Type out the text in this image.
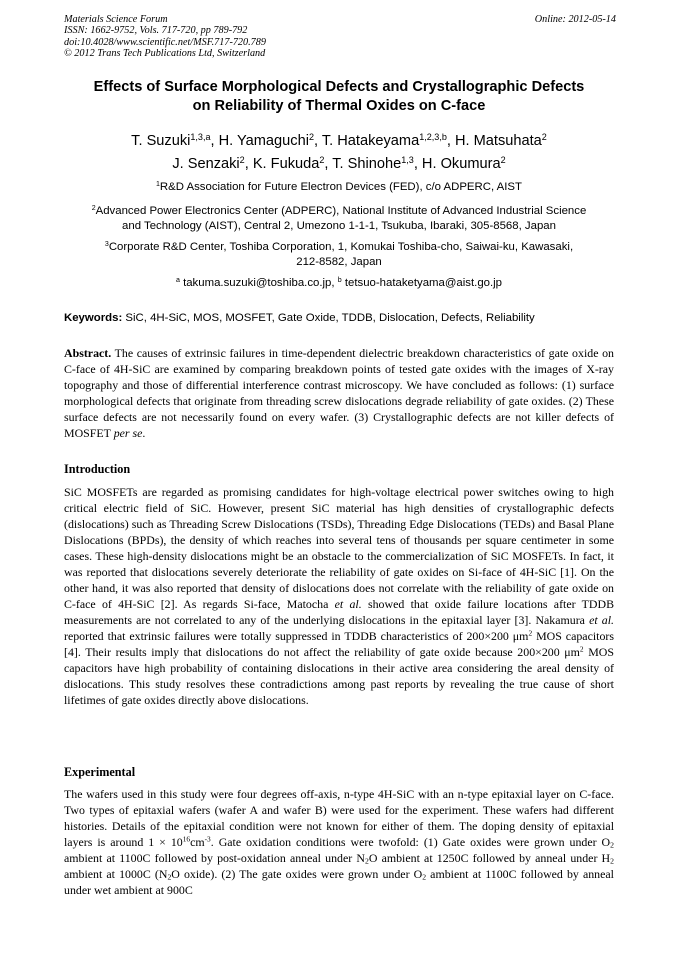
Materials Science Forum
ISSN: 1662-9752, Vols. 717-720, pp 789-792
doi:10.4028/www.scientific.net/MSF.717-720.789
© 2012 Trans Tech Publications Ltd, Switzerland
Online: 2012-05-14
Effects of Surface Morphological Defects and Crystallographic Defects
on Reliability of Thermal Oxides on C-face
T. Suzuki$^{1,3,a}$, H. Yamaguchi$^2$, T. Hatakeyama$^{1,2,3,b}$, H. Matsuhata$^2$
J. Senzaki$^2$, K. Fukuda$^2$, T. Shinohe$^{1,3}$, H. Okumura$^2$
$^1$R&D Association for Future Electron Devices (FED), c/o ADPERC, AIST
$^2$Advanced Power Electronics Center (ADPERC), National Institute of Advanced Industrial Science
and Technology (AIST), Central 2, Umezono 1-1-1, Tsukuba, Ibaraki, 305-8568, Japan
$^3$Corporate R&D Center, Toshiba Corporation, 1, Komukai Toshiba-cho, Saiwai-ku, Kawasaki,
212-8582, Japan
$^a$ takuma.suzuki@toshiba.co.jp, $^b$ tetsuo-hataketyama@aist.go.jp
Keywords: SiC, 4H-SiC, MOS, MOSFET, Gate Oxide, TDDB, Dislocation, Defects, Reliability
Abstract. The causes of extrinsic failures in time-dependent dielectric breakdown characteristics of gate oxide on C-face of 4H-SiC are examined by comparing breakdown points of tested gate oxides with the images of X-ray topography and those of differential interference contrast microscopy. We have concluded as follows: (1) surface morphological defects that originate from threading screw dislocations degrade reliability of gate oxides. (2) These surface defects are not necessarily found on every wafer. (3) Crystallographic defects are not killer defects of MOSFET per se.
Introduction
SiC MOSFETs are regarded as promising candidates for high-voltage electrical power switches owing to high critical electric field of SiC. However, present SiC material has high densities of crystallographic defects (dislocations) such as Threading Screw Dislocations (TSDs), Threading Edge Dislocations (TEDs) and Basal Plane Dislocations (BPDs), the density of which reaches into several tens of thousands per square centimeter in some cases. These high-density dislocations might be an obstacle to the commercialization of SiC MOSFETs. In fact, it was reported that dislocations severely deteriorate the reliability of gate oxides on Si-face of 4H-SiC [1]. On the other hand, it was also reported that density of dislocations does not correlate with the reliability of gate oxide on C-face of 4H-SiC [2]. As regards Si-face, Matocha et al. showed that oxide failure locations after TDDB measurements are not correlated to any of the underlying dislocations in the epitaxial layer [3]. Nakamura et al. reported that extrinsic failures were totally suppressed in TDDB characteristics of 200×200 $\mu m^2$ MOS capacitors [4]. Their results imply that dislocations do not affect the reliability of gate oxide because 200×200 $\mu m^2$ MOS capacitors have high probability of containing dislocations in their active area considering the areal density of dislocations. This study resolves these contradictions among past reports by revealing the true cause of short lifetimes of gate oxides directly above dislocations.
Experimental
The wafers used in this study were four degrees off-axis, n-type 4H-SiC with an n-type epitaxial layer on C-face. Two types of epitaxial wafers (wafer A and wafer B) were used for the experiment. These wafers had different histories. Details of the epitaxial condition were not known for either of them. The doping density of epitaxial layers is around $1 \times 10^{16}cm^{-3}$. Gate oxidation conditions were twofold: (1) Gate oxides were grown under $O_2$ ambient at 1100C followed by post-oxidation anneal under $N_2O$ ambient at 1250C followed by anneal under $H_2$ ambient at 1000C ($N_2O$ oxide). (2) The gate oxides were grown under $O_2$ ambient at 1100C followed by anneal under wet ambient at 900C
